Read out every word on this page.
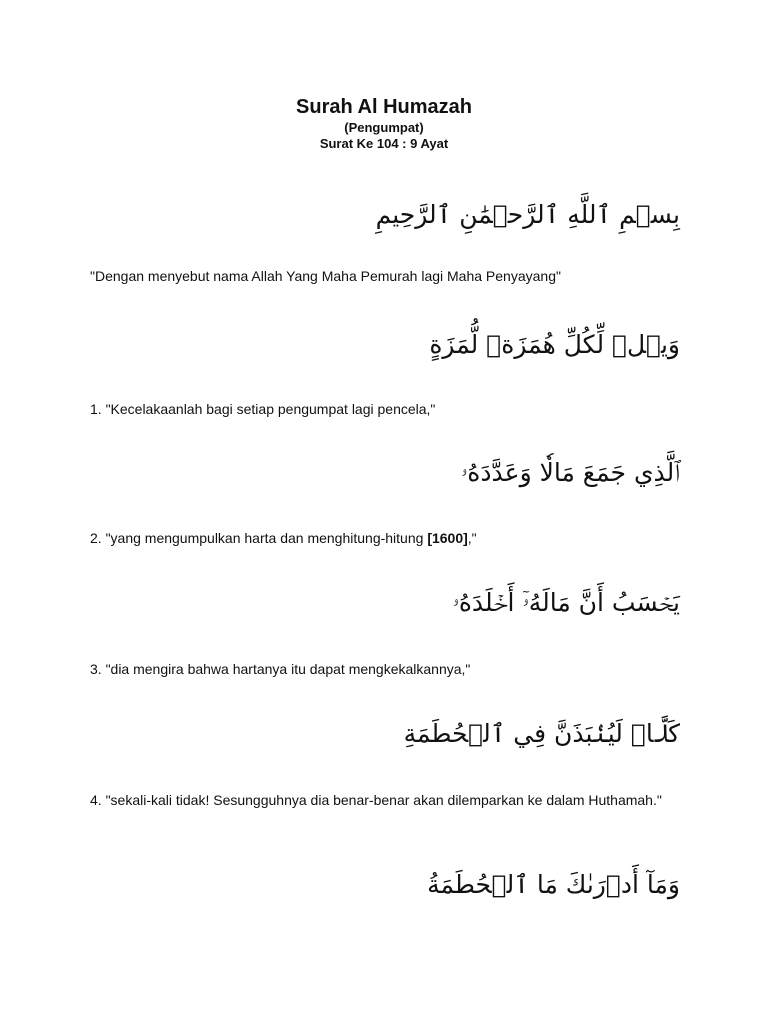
Surah Al Humazah
(Pengumpat)
Surat Ke 104 : 9 Ayat
بِسۡمِ ٱللَّهِ ٱلرَّحۡمَٰنِ ٱلرَّحِيمِ
"Dengan menyebut nama Allah Yang Maha Pemurah lagi Maha Penyayang"
وَيۡلٞ لِّكُلِّ هُمَزَةٖ لُّمَزَةٍ
1. "Kecelakaanlah bagi setiap pengumpat lagi pencela,"
ٱلَّذِي جَمَعَ مَالٗا وَعَدَّدَهُۥ
2. "yang mengumpulkan harta dan menghitung-hitung [1600],"
يَحۡسَبُ أَنَّ مَالَهُۥٓ أَخۡلَدَهُۥ
3. "dia mengira bahwa hartanya itu dapat mengkekalkannya,"
كَلَّاۖ لَيُنۢبَذَنَّ فِي ٱلۡحُطَمَةِ
4. "sekali-kali tidak! Sesungguhnya dia benar-benar akan dilemparkan ke dalam Huthamah."
وَمَآ أَدۡرَىٰكَ مَا ٱلۡحُطَمَةُ
